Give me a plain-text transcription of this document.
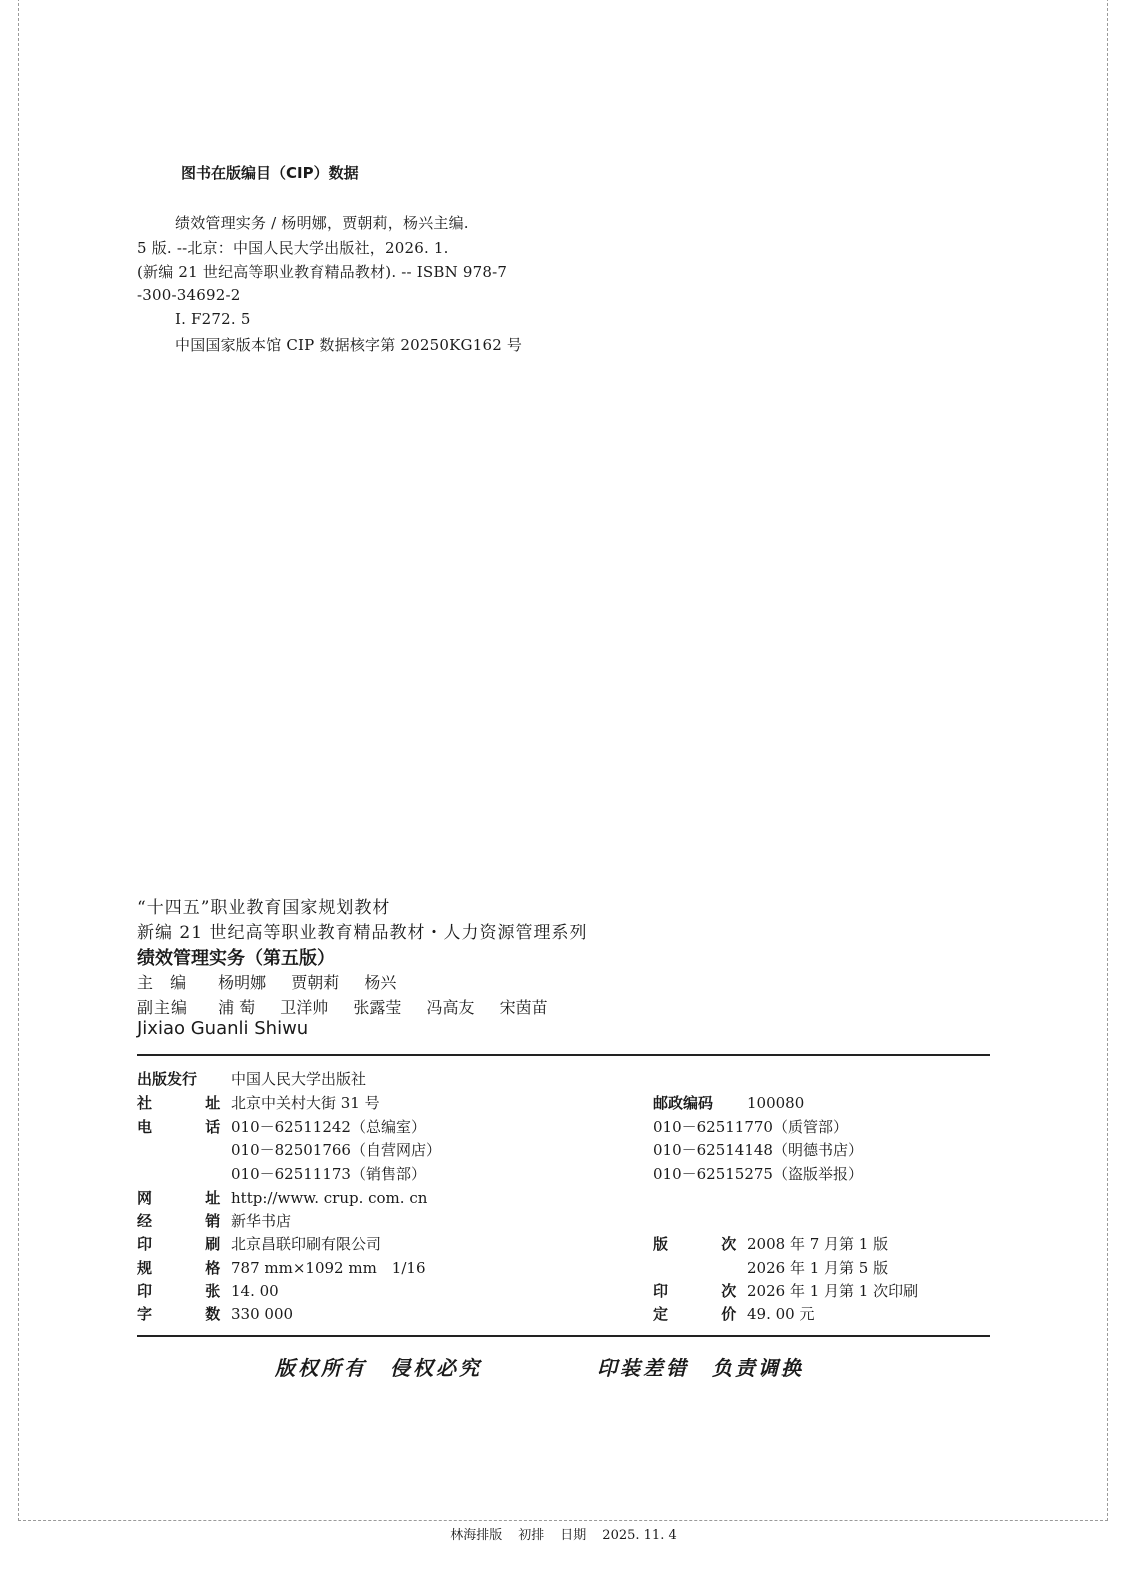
图书在版编目（CIP）数据
绩效管理实务 / 杨明娜，贾朝莉，杨兴主编.
5 版. --北京：中国人民大学出版社，2026. 1.
(新编 21 世纪高等职业教育精品教材). -- ISBN 978-7
-300-34692-2
Ⅰ. F272. 5
中国国家版本馆 CIP 数据核字第 20250KG162 号
“十四五”职业教育国家规划教材
新编 21 世纪高等职业教育精品教材・人力资源管理系列
绩效管理实务（第五版）
主 编 杨明娜 贾朝莉 杨兴
副主编 浦 萄 卫洋帅 张露莹 冯高友 宋茵苗
Jixiao Guanli Shiwu
出版发行 中国人民大学出版社
社 址北京中关村大街 31 号
电 话010－62511242（总编室）
010－82501766（自营网店）
010－62511173（销售部）
网 址http://www. crup. com. cn
经 销新华书店
印 刷北京昌联印刷有限公司
规 格787 mm×1092 mm　1/16
印 张14. 00
字 数330 000
邮政编码 100080
010－62511770（质管部）
010－62514148（明德书店）
010－62515275（盗版举报）
版 次2008 年 7 月第 1 版
2026 年 1 月第 5 版
印 次2026 年 1 月第 1 次印刷
定 价49. 00 元
版权所有　侵权必究	印装差错　负责调换
林海排版 初排 日期 2025. 11. 4
